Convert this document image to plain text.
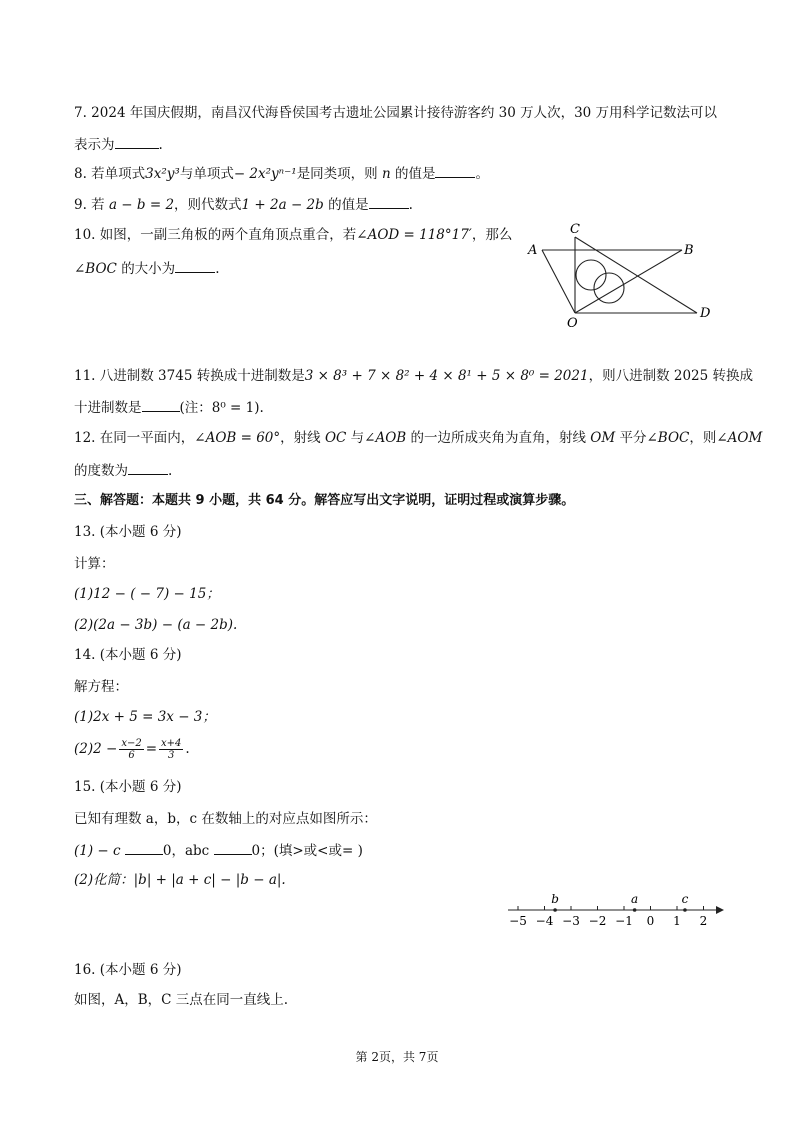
7. 2024 年国庆假期，南昌汉代海昏侯国考古遗址公园累计接待游客约 30 万人次，30 万用科学记数法可以
表示为	.
8. 若单项式3x²y³与单项式− 2x²yⁿ⁻¹是同类项，则 n 的值是	。
9. 若 a − b = 2，则代数式1 + 2a − 2b 的值是	.
10. 如图，一副三角板的两个直角顶点重合，若∠AOD = 118°17′，那么
∠BOC 的大小为	.
A
C
B
O
D
11. 八进制数 3745 转换成十进制数是3 × 8³ + 7 × 8² + 4 × 8¹ + 5 × 8⁰ = 2021，则八进制数 2025 转换成
十进制数是	(注：8⁰ = 1).
12. 在同一平面内，∠AOB = 60°，射线 OC 与∠AOB 的一边所成夹角为直角，射线 OM 平分∠BOC，则∠AOM
的度数为	.
三、解答题：本题共 9 小题，共 64 分。解答应写出文字说明，证明过程或演算步骤。
13. (本小题 6 分)
计算：
(1)12 − ( − 7) − 15；
(2)(2a − 3b) − (a − 2b).
14. (本小题 6 分)
解方程：
(1)2x + 5 = 3x − 3；
$(2)2 - \frac{x-2}{6} = \frac{x+4}{3}$ .
15. (本小题 6 分)
已知有理数 a，b，c 在数轴上的对应点如图所示：
(1) − c	0，abc	0；(填>或<或= )
(2)化简：|b| + |a + c| − |b − a|.
−5 −4 −3 −2 −1 0 1 2
b	a	c
16. (本小题 6 分)
如图，A，B，C 三点在同一直线上.
第 2页，共 7页
